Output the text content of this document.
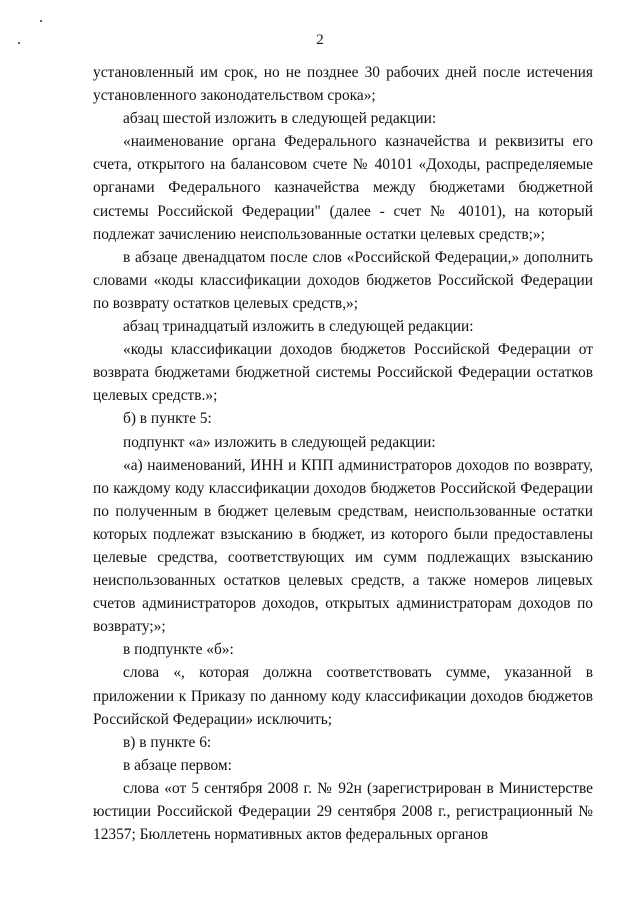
2

установленный им срок, но не позднее 30 рабочих дней после истечения установленного законодательством срока»;

абзац шестой изложить в следующей редакции:

«наименование органа Федерального казначейства и реквизиты его счета, открытого на балансовом счете № 40101 «Доходы, распределяемые органами Федерального казначейства между бюджетами бюджетной системы Российской Федерации" (далее - счет № 40101), на который подлежат зачислению неиспользованные остатки целевых средств;»;

в абзаце двенадцатом после слов «Российской Федерации,» дополнить словами «коды классификации доходов бюджетов Российской Федерации по возврату остатков целевых средств,»;

абзац тринадцатый изложить в следующей редакции:

«коды классификации доходов бюджетов Российской Федерации от возврата бюджетами бюджетной системы Российской Федерации остатков целевых средств.»;

б) в пункте 5:

подпункт «а» изложить в следующей редакции:

«а) наименований, ИНН и КПП администраторов доходов по возврату, по каждому коду классификации доходов бюджетов Российской Федерации по полученным в бюджет целевым средствам, неиспользованные остатки которых подлежат взысканию в бюджет, из которого были предоставлены целевые средства, соответствующих им сумм подлежащих взысканию неиспользованных остатков целевых средств, а также номеров лицевых счетов администраторов доходов, открытых администраторам доходов по возврату;»;

в подпункте «б»:

слова «, которая должна соответствовать сумме, указанной в приложении к Приказу по данному коду классификации доходов бюджетов Российской Федерации» исключить;

в) в пункте 6:

в абзаце первом:

слова «от 5 сентября 2008 г. № 92н (зарегистрирован в Министерстве юстиции Российской Федерации 29 сентября 2008 г., регистрационный № 12357; Бюллетень нормативных актов федеральных органов
